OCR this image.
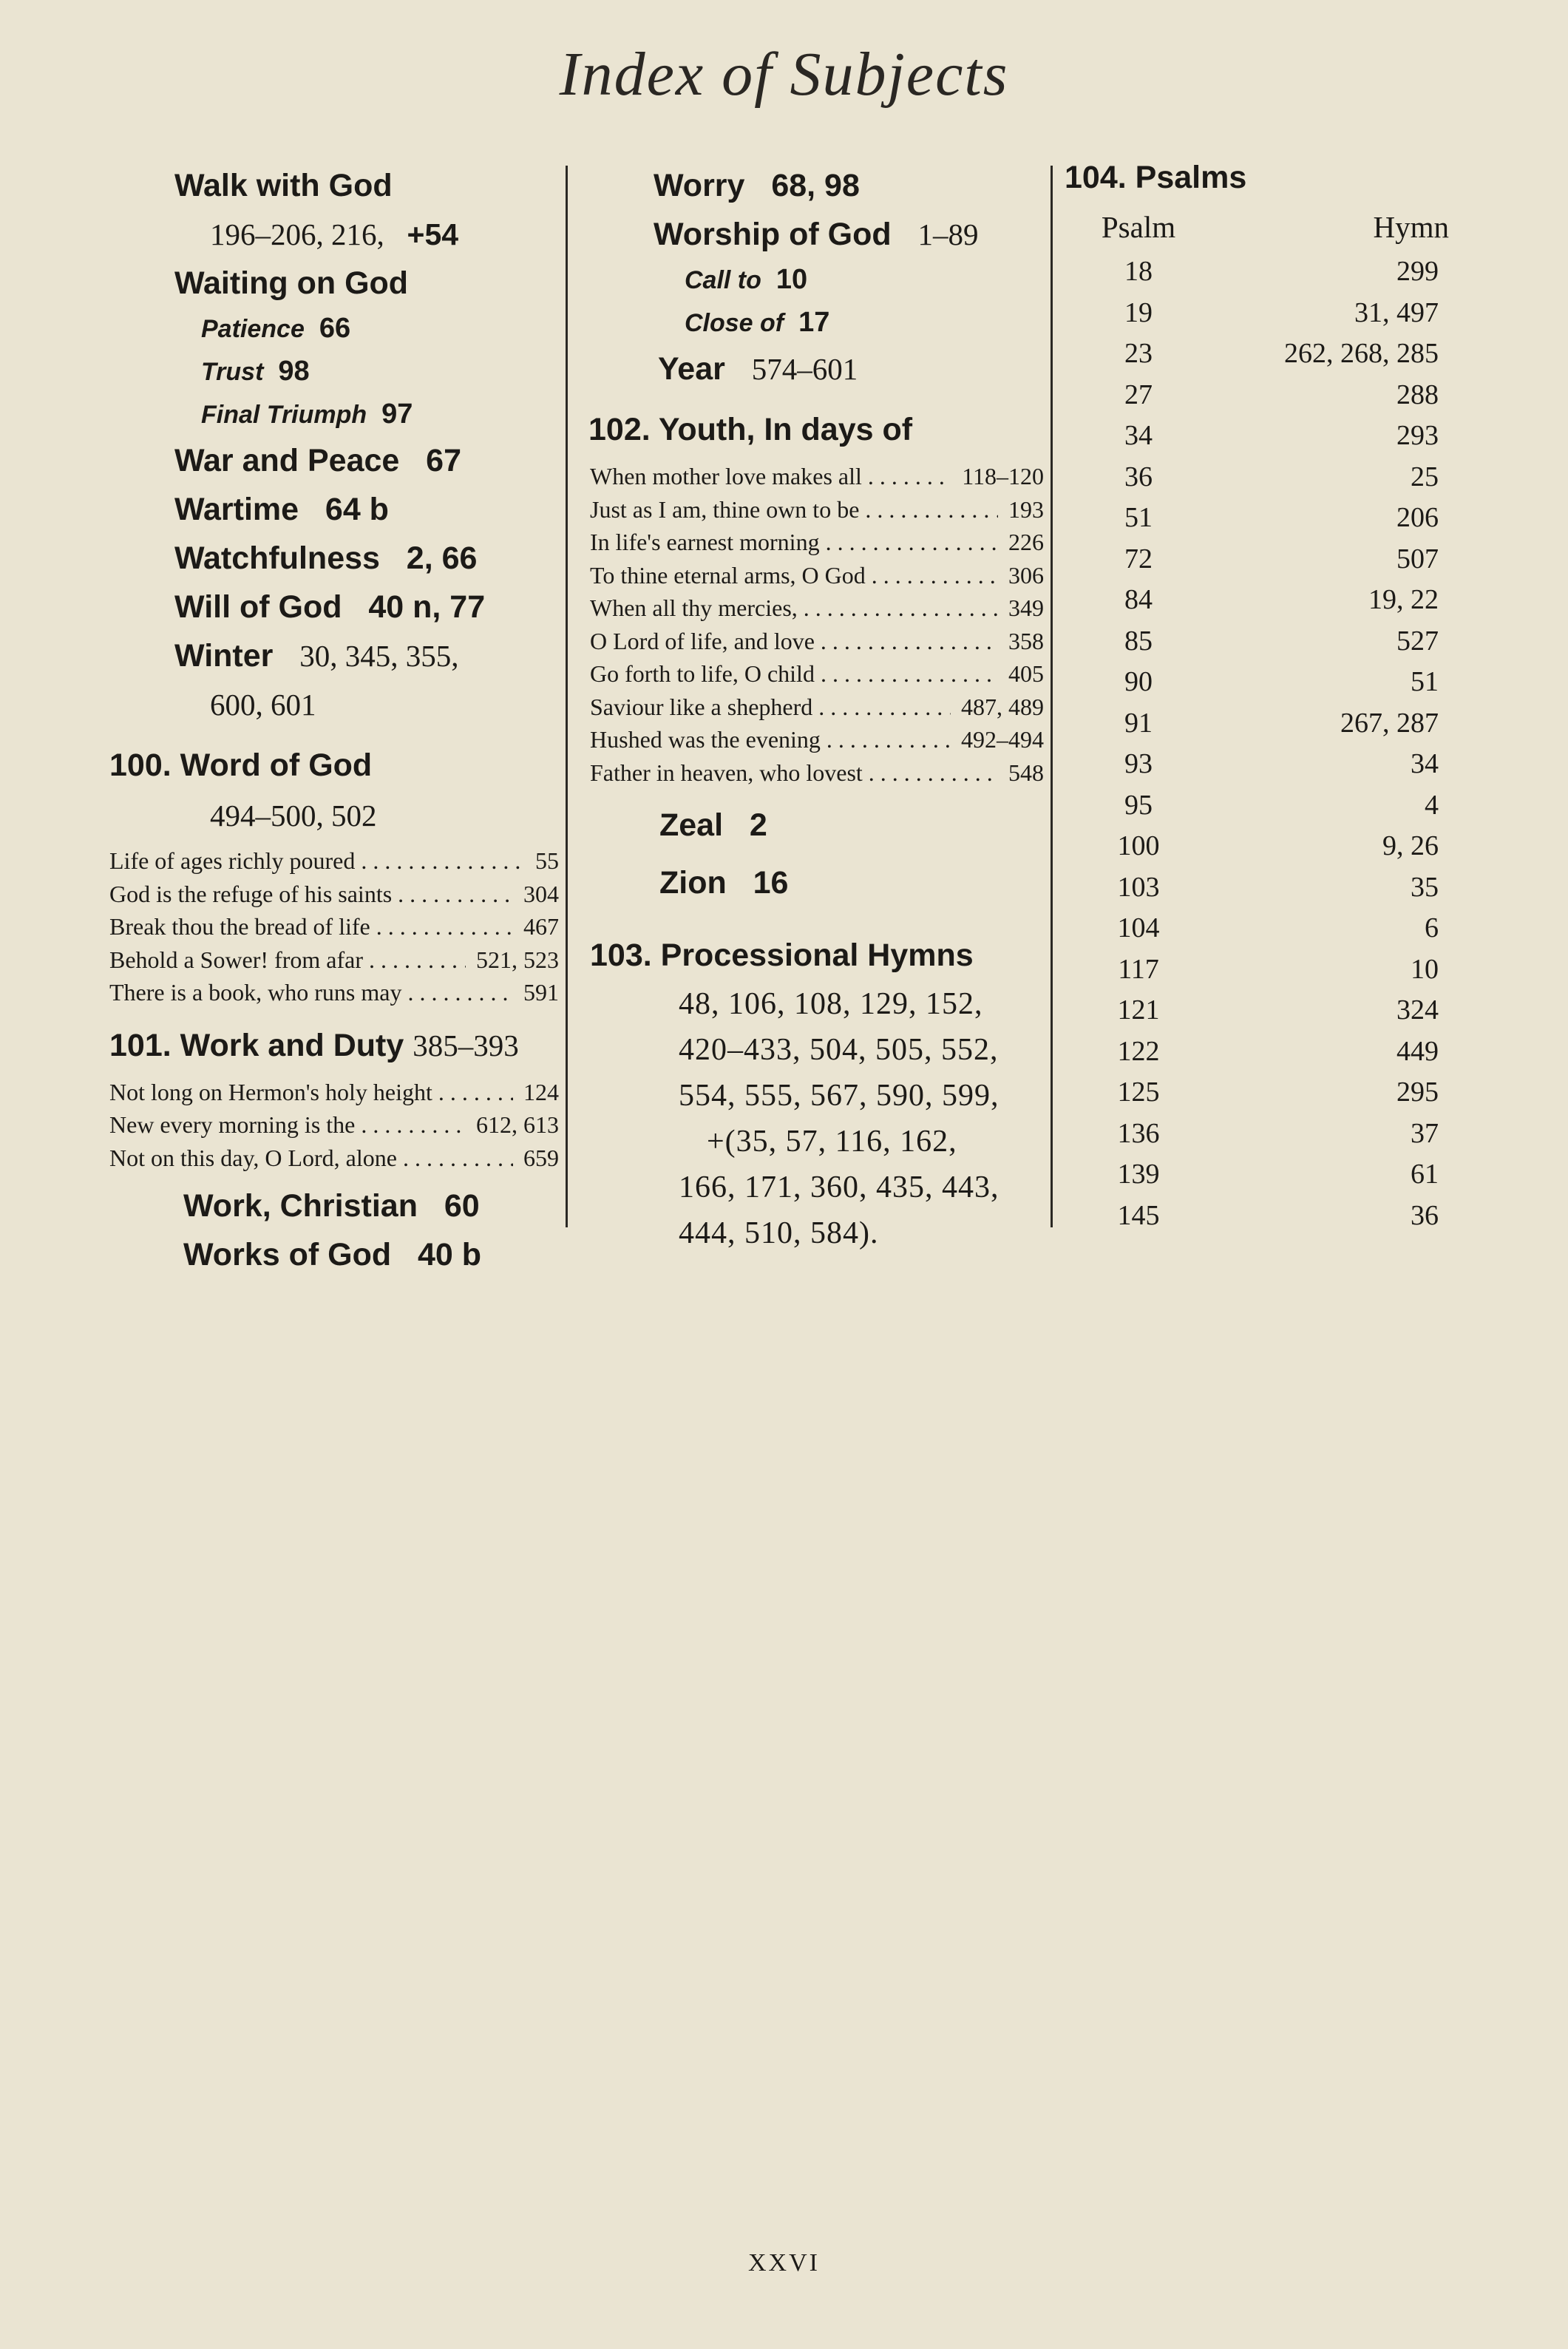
Index of Subjects
Walk with God
196–206, 216,   +54
Waiting on God
Patience 66
Trust 98
Final Triumph 97
War and Peace 67
Wartime 64 b
Watchfulness 2, 66
Will of God 40 n, 77
Winter 30, 345, 355,
600, 601
100. Word of God
494–500, 502
Life of ages richly poured . . .	55
God is the refuge of his saints . . .	304
Break thou the bread of life . . .	467
Behold a Sower! from afar . . .	521, 523
There is a book, who runs may . . .	591
101. Work and Duty 385–393
Not long on Hermon's holy height . . .	124
New every morning is the . . .	612, 613
Not on this day, O Lord, alone . . .	659
Work, Christian 60
Works of God 40 b
Worry 68, 98
Worship of God 1–89
Call to 10
Close of 17
Year 574–601
102. Youth, In days of
When mother love makes all . . .	118–120
Just as I am, thine own to be . . .	193
In life's earnest morning . . .	226
To thine eternal arms, O God . . .	306
When all thy mercies, . . .	349
O Lord of life, and love . . .	358
Go forth to life, O child . . .	405
Saviour like a shepherd . . .	487, 489
Hushed was the evening . . .	492–494
Father in heaven, who lovest . . .	548
Zeal 2
Zion 16
103. Processional Hymns
48, 106, 108, 129, 152,
420–433, 504, 505, 552,
554, 555, 567, 590, 599,
+(35, 57, 116, 162,
166, 171, 360, 435, 443,
444, 510, 584).
104. Psalms
Psalm	Hymn
18	299
19	31, 497
23	262, 268, 285
27	288
34	293
36	25
51	206
72	507
84	19, 22
85	527
90	51
91	267, 287
93	34
95	4
100	9, 26
103	35
104	6
117	10
121	324
122	449
125	295
136	37
139	61
145	36
XXVI
